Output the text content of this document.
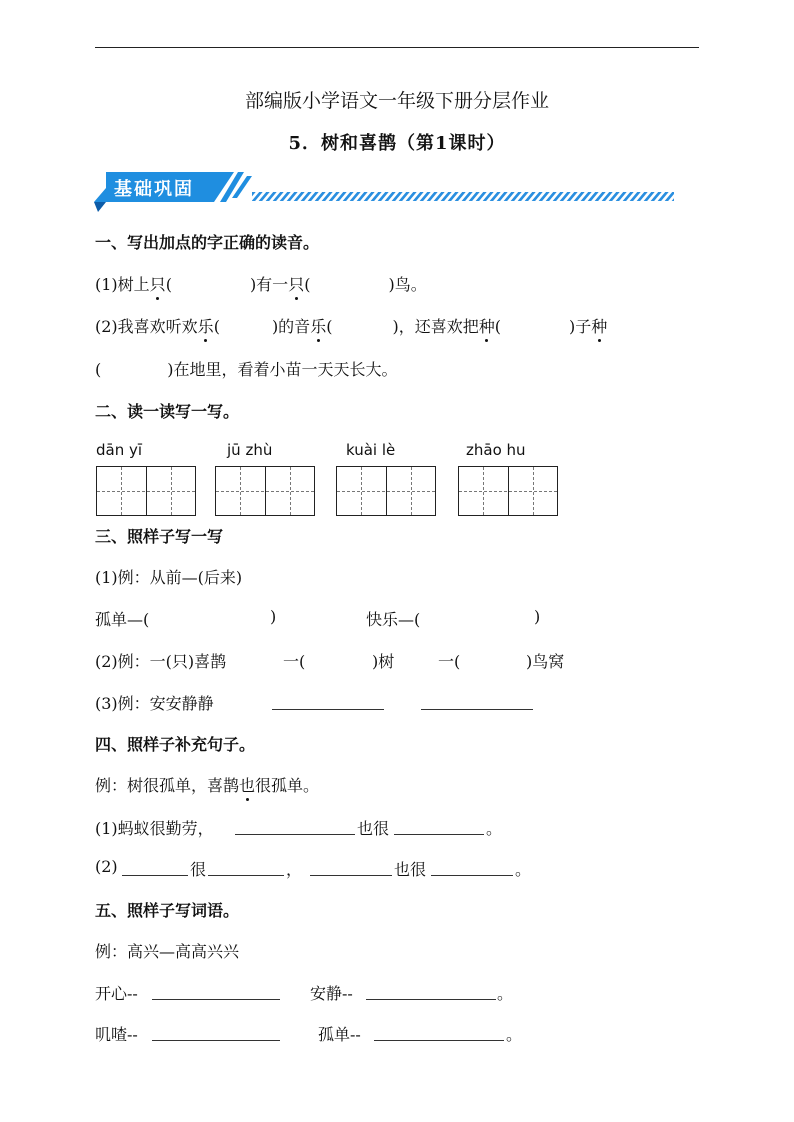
部编版小学语文一年级下册分层作业
5．树和喜鹊（第1课时）
基础巩固
一、写出加点的字正确的读音。
(1)树上只(	)有一只(	)鸟。
(2)我喜欢听欢乐(	)的音乐(	)，还喜欢把种(	)子种
(	)在地里，看着小苗一天天长大。
二、读一读写一写。
dān yī	jū zhù	kuài lè	zhāo hu
三、照样子写一写
(1)例：从前—(后来)
孤单—(	)	快乐—(	)
(2)例：一(只)喜鹊	一(	)树	一(	)鸟窝
(3)例：安安静静
四、照样子补充句子。
例：树很孤单，喜鹊也很孤单。
(1)蚂蚁很勤劳，	也很	。
(2)	很	，	也很	。
五、照样子写词语。
例：高兴—高高兴兴
开心--	安静--	。
叽喳--	孤单--	。
